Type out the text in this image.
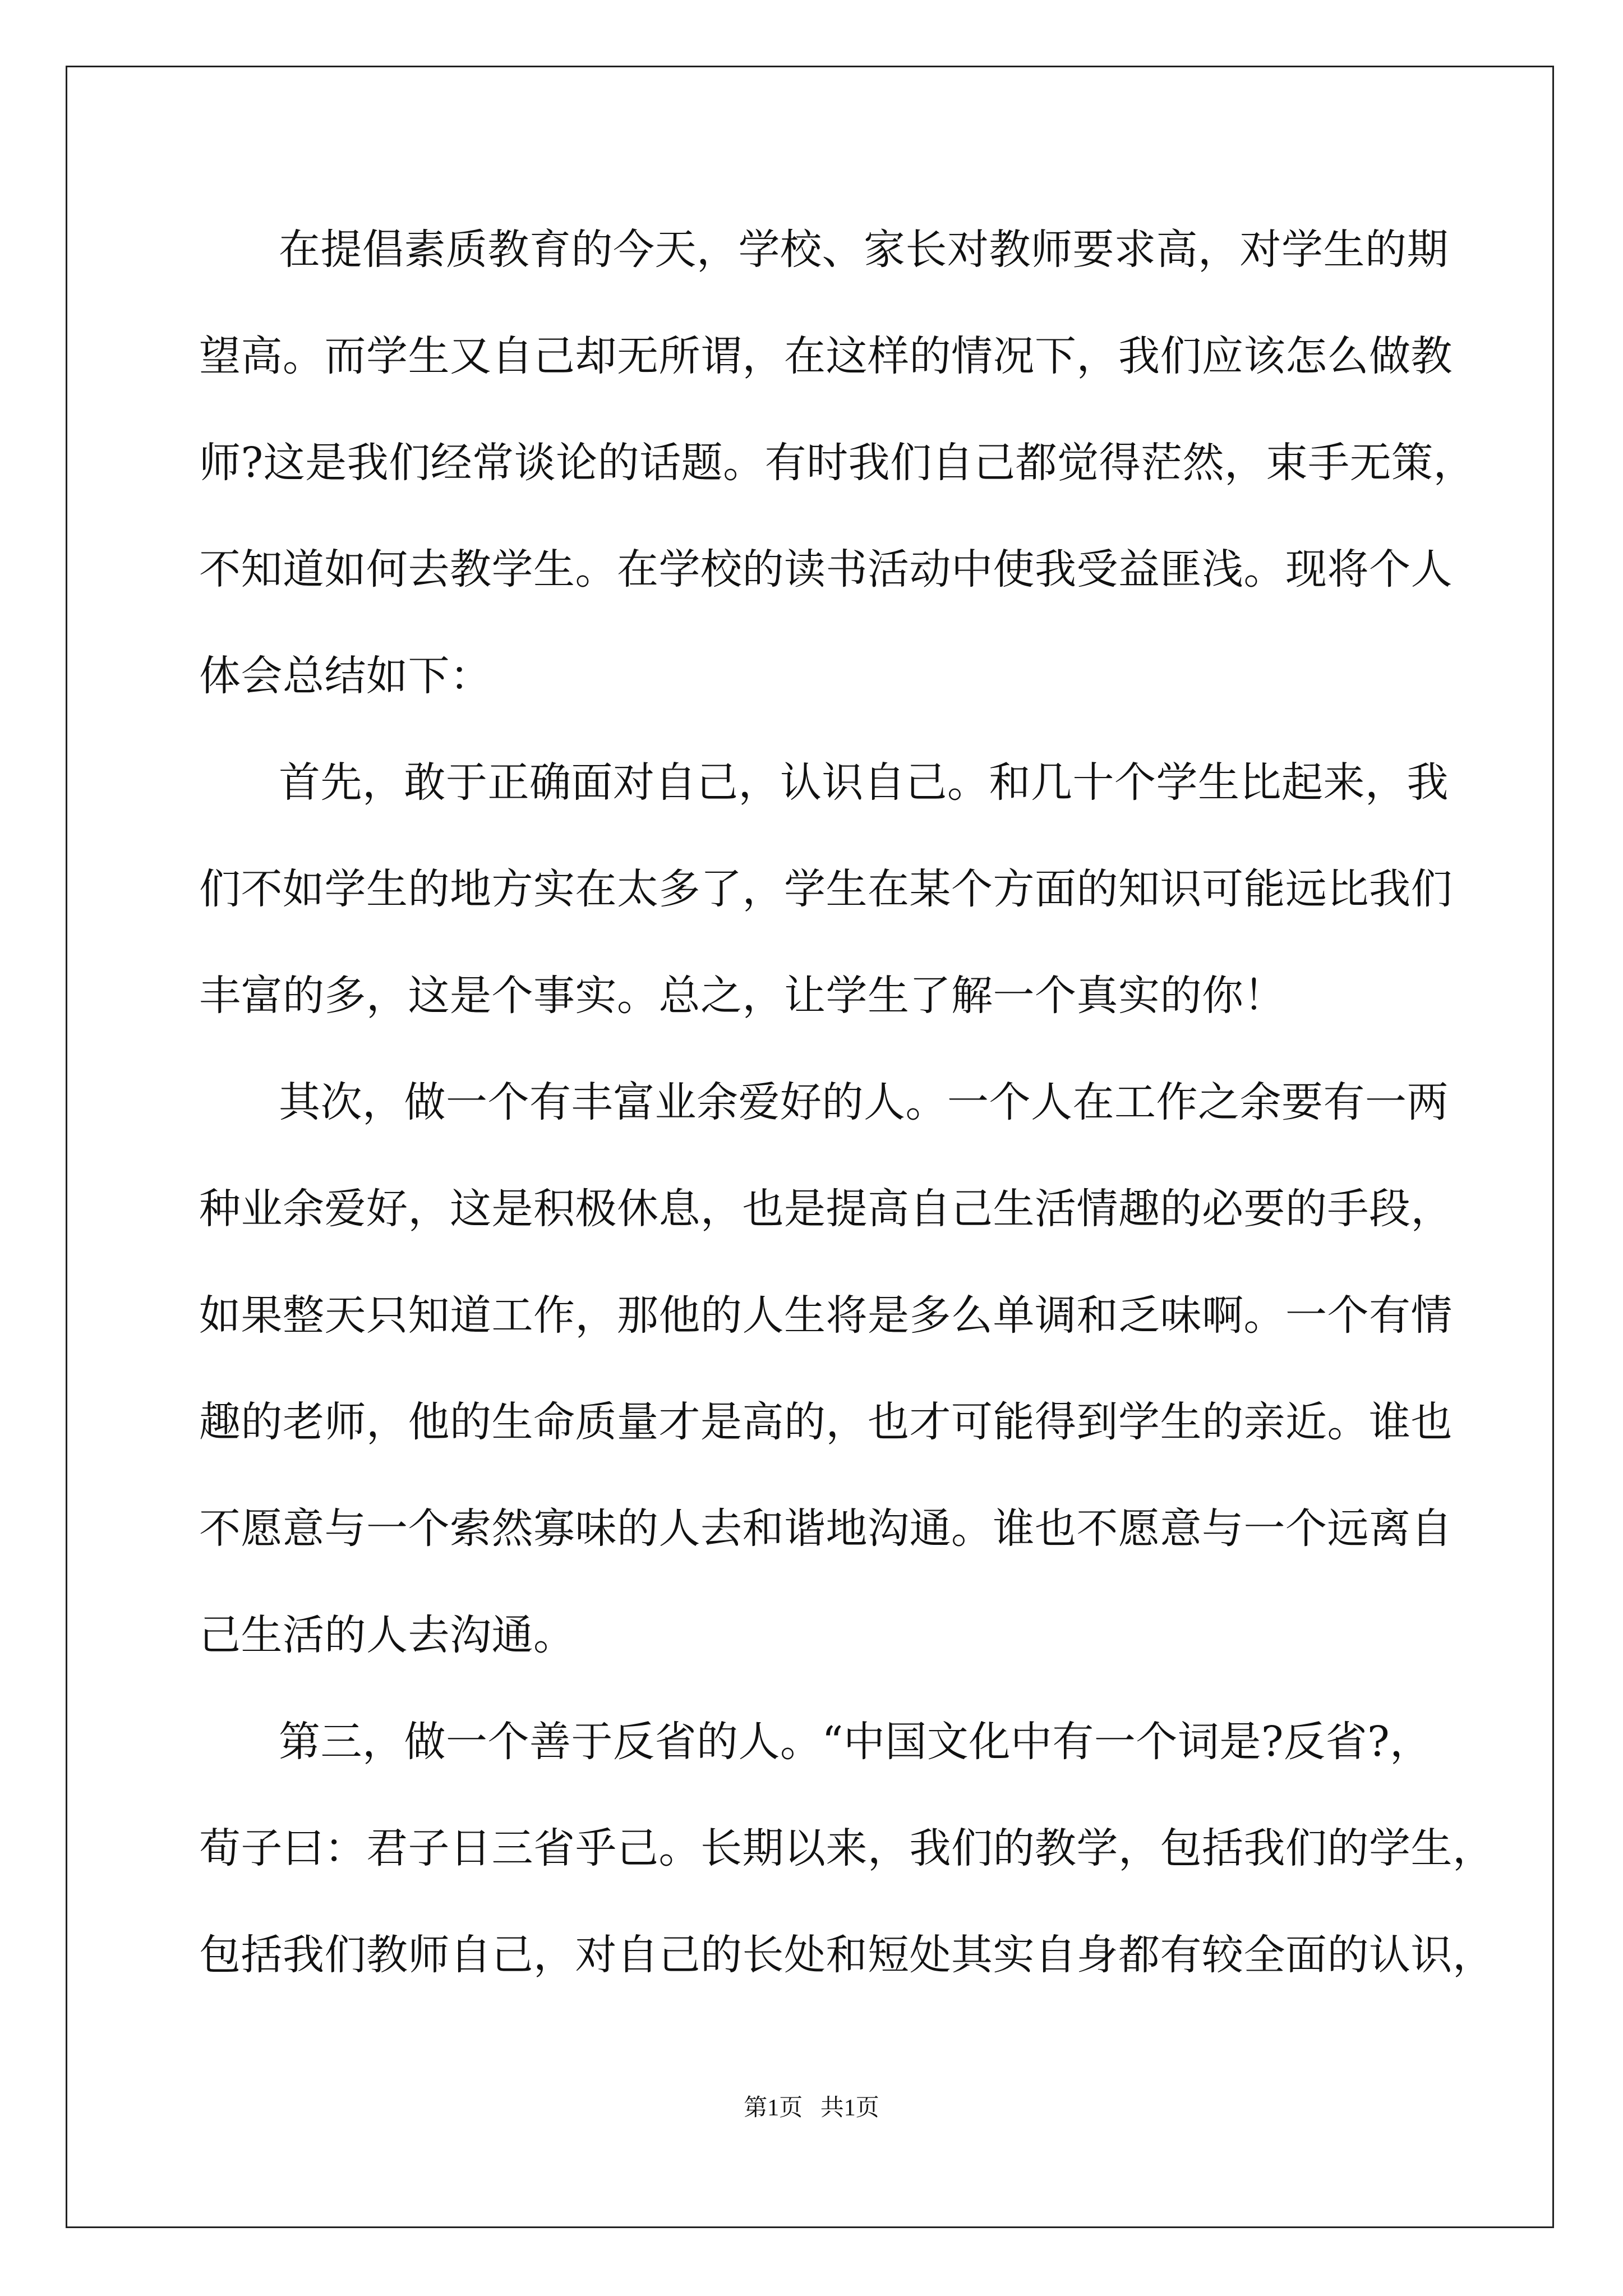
在提倡素质教育的今天，学校、家长对教师要求高，对学生的期
望高。而学生又自己却无所谓，在这样的情况下，我们应该怎么做教
师?这是我们经常谈论的话题。有时我们自己都觉得茫然，束手无策，
不知道如何去教学生。在学校的读书活动中使我受益匪浅。现将个人
体会总结如下：
首先，敢于正确面对自己，认识自己。和几十个学生比起来，我
们不如学生的地方实在太多了，学生在某个方面的知识可能远比我们
丰富的多，这是个事实。总之，让学生了解一个真实的你！
其次，做一个有丰富业余爱好的人。一个人在工作之余要有一两
种业余爱好，这是积极休息，也是提高自己生活情趣的必要的手段，
如果整天只知道工作，那他的人生将是多么单调和乏味啊。一个有情
趣的老师，他的生命质量才是高的，也才可能得到学生的亲近。谁也
不愿意与一个索然寡味的人去和谐地沟通。谁也不愿意与一个远离自
己生活的人去沟通。
第三，做一个善于反省的人。“中国文化中有一个词是?反省?，
荀子曰：君子日三省乎己。长期以来，我们的教学，包括我们的学生，
包括我们教师自己，对自己的长处和短处其实自身都有较全面的认识，
第1页 共1页
